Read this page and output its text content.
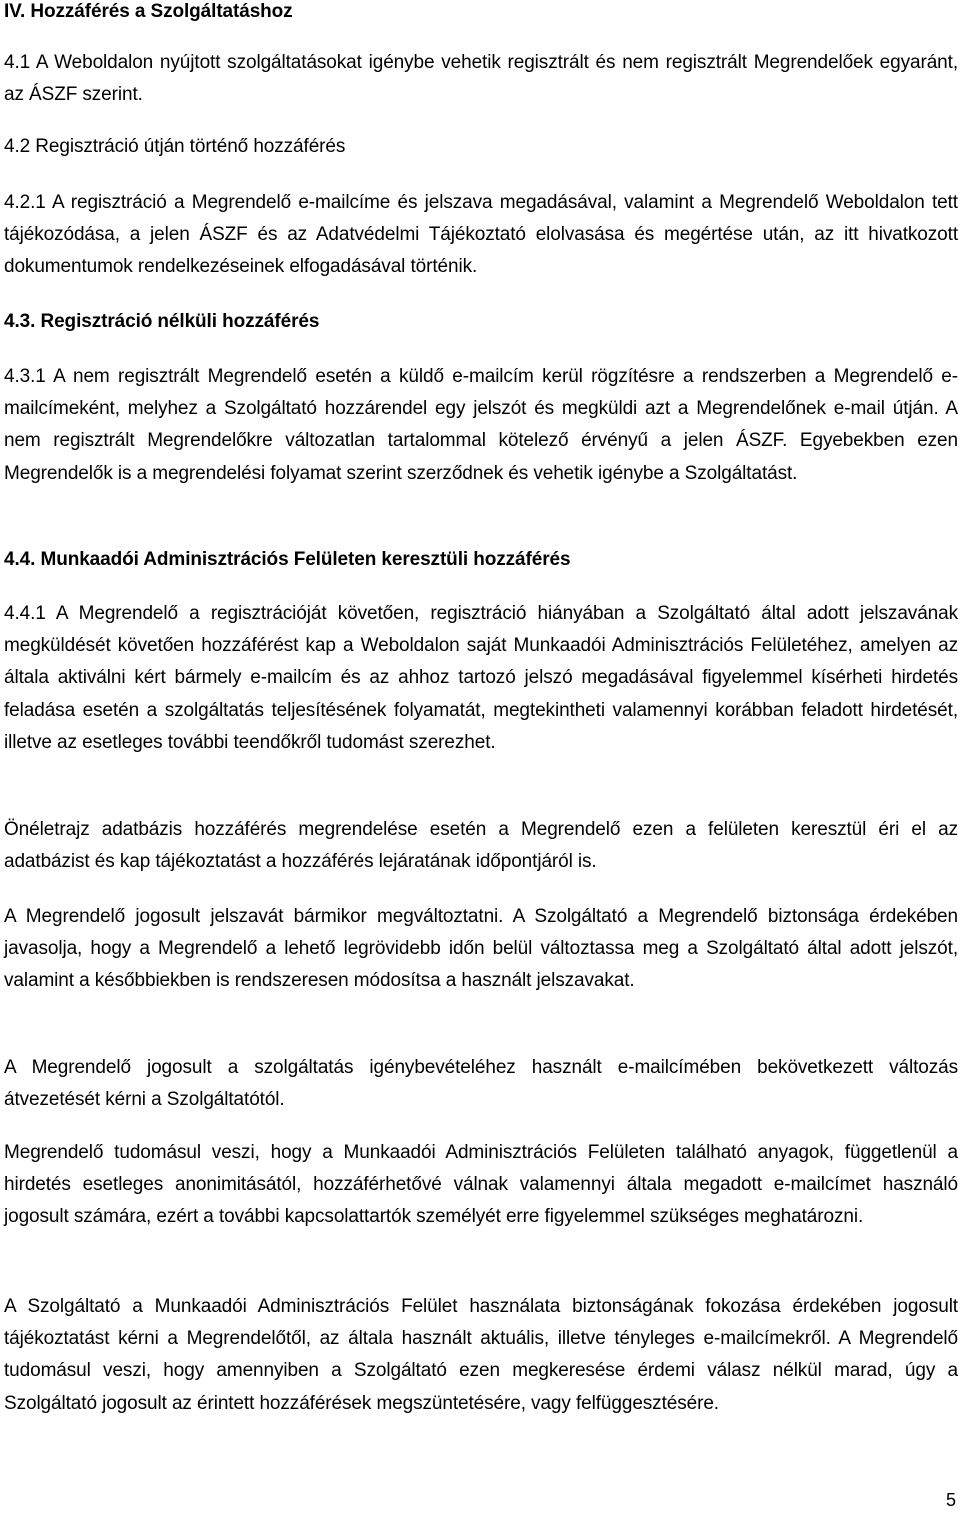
IV. Hozzáférés a Szolgáltatáshoz

4.1 A Weboldalon nyújtott szolgáltatásokat igénybe vehetik regisztrált és nem regisztrált Megrendelőek egyaránt, az ÁSZF szerint.

4.2 Regisztráció útján történő hozzáférés

4.2.1 A regisztráció a Megrendelő e-mailcíme és jelszava megadásával, valamint a Megrendelő Weboldalon tett tájékozódása, a jelen ÁSZF és az Adatvédelmi Tájékoztató elolvasása és megértése után, az itt hivatkozott dokumentumok rendelkezéseinek elfogadásával történik.

4.3. Regisztráció nélküli hozzáférés

4.3.1 A nem regisztrált Megrendelő esetén a küldő e-mailcím kerül rögzítésre a rendszerben a Megrendelő e-mailcímeként, melyhez a Szolgáltató hozzárendel egy jelszót és megküldi azt a Megrendelőnek e-mail útján. A nem regisztrált Megrendelőkre változatlan tartalommal kötelező érvényű a jelen ÁSZF. Egyebekben ezen Megrendelők is a megrendelési folyamat szerint szerződnek és vehetik igénybe a Szolgáltatást.

4.4. Munkaadói Adminisztrációs Felületen keresztüli hozzáférés

4.4.1 A Megrendelő a regisztrációját követően, regisztráció hiányában a Szolgáltató által adott jelszavának megküldését követően hozzáférést kap a Weboldalon saját Munkaadói Adminisztrációs Felületéhez, amelyen az általa aktiválni kért bármely e-mailcím és az ahhoz tartozó jelszó megadásával figyelemmel kísérheti hirdetés feladása esetén a szolgáltatás teljesítésének folyamatát, megtekintheti valamennyi korábban feladott hirdetését, illetve az esetleges további teendőkről tudomást szerezhet.

Önéletrajz adatbázis hozzáférés megrendelése esetén a Megrendelő ezen a felületen keresztül éri el az adatbázist és kap tájékoztatást a hozzáférés lejáratának időpontjáról is.

A Megrendelő jogosult jelszavát bármikor megváltoztatni. A Szolgáltató a Megrendelő biztonsága érdekében javasolja, hogy a Megrendelő a lehető legrövidebb időn belül változtassa meg a Szolgáltató által adott jelszót, valamint a későbbiekben is rendszeresen módosítsa a használt jelszavakat.

A Megrendelő jogosult a szolgáltatás igénybevételéhez használt e-mailcímében bekövetkezett változás átvezetését kérni a Szolgáltatótól.

Megrendelő tudomásul veszi, hogy a Munkaadói Adminisztrációs Felületen található anyagok, függetlenül a hirdetés esetleges anonimitásától, hozzáférhetővé válnak valamennyi általa megadott e-mailcímet használó jogosult számára, ezért a további kapcsolattartók személyét erre figyelemmel szükséges meghatározni.

A Szolgáltató a Munkaadói Adminisztrációs Felület használata biztonságának fokozása érdekében jogosult tájékoztatást kérni a Megrendelőtől, az általa használt aktuális, illetve tényleges e-mailcímekről. A Megrendelő tudomásul veszi, hogy amennyiben a Szolgáltató ezen megkeresése érdemi válasz nélkül marad, úgy a Szolgáltató jogosult az érintett hozzáférések megszüntetésére, vagy felfüggesztésére.

5
